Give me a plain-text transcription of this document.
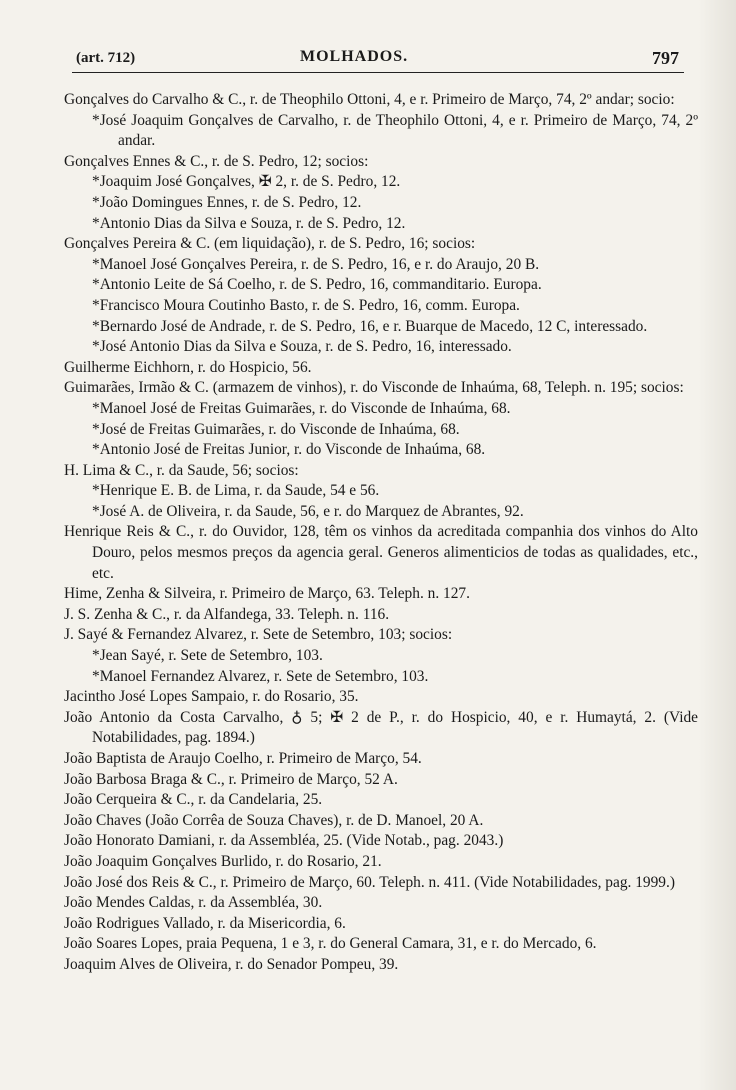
(art. 712)	MOLHADOS.	797

Gonçalves do Carvalho & C., r. de Theophilo Ottoni, 4, e r. Primeiro de Março, 74, 2º andar; socio:

*José Joaquim Gonçalves de Carvalho, r. de Theophilo Ottoni, 4, e r. Primeiro de Março, 74, 2º andar.

Gonçalves Ennes & C., r. de S. Pedro, 12; socios:

*Joaquim José Gonçalves, ✠ 2, r. de S. Pedro, 12.

*João Domingues Ennes, r. de S. Pedro, 12.

*Antonio Dias da Silva e Souza, r. de S. Pedro, 12.

Gonçalves Pereira & C. (em liquidação), r. de S. Pedro, 16; socios:

*Manoel José Gonçalves Pereira, r. de S. Pedro, 16, e r. do Araujo, 20 B.

*Antonio Leite de Sá Coelho, r. de S. Pedro, 16, commanditario. Europa.

*Francisco Moura Coutinho Basto, r. de S. Pedro, 16, comm. Europa.

*Bernardo José de Andrade, r. de S. Pedro, 16, e r. Buarque de Macedo, 12 C, interessado.

*José Antonio Dias da Silva e Souza, r. de S. Pedro, 16, interessado.

Guilherme Eichhorn, r. do Hospicio, 56.

Guimarães, Irmão & C. (armazem de vinhos), r. do Visconde de Inhaúma, 68, Teleph. n. 195; socios:

*Manoel José de Freitas Guimarães, r. do Visconde de Inhaúma, 68.

*José de Freitas Guimarães, r. do Visconde de Inhaúma, 68.

*Antonio José de Freitas Junior, r. do Visconde de Inhaúma, 68.

H. Lima & C., r. da Saude, 56; socios:

*Henrique E. B. de Lima, r. da Saude, 54 e 56.

*José A. de Oliveira, r. da Saude, 56, e r. do Marquez de Abrantes, 92.

Henrique Reis & C., r. do Ouvidor, 128, têm os vinhos da acreditada companhia dos vinhos do Alto Douro, pelos mesmos preços da agencia geral. Generos alimenticios de todas as qualidades, etc., etc.

Hime, Zenha & Silveira, r. Primeiro de Março, 63. Teleph. n. 127.

J. S. Zenha & C., r. da Alfandega, 33. Teleph. n. 116.

J. Sayé & Fernandez Alvarez, r. Sete de Setembro, 103; socios:

*Jean Sayé, r. Sete de Setembro, 103.

*Manoel Fernandez Alvarez, r. Sete de Setembro, 103.

Jacintho José Lopes Sampaio, r. do Rosario, 35.

João Antonio da Costa Carvalho, ♁ 5; ✠ 2 de P., r. do Hospicio, 40, e r. Humaytá, 2. (Vide Notabilidades, pag. 1894.)

João Baptista de Araujo Coelho, r. Primeiro de Março, 54.

João Barbosa Braga & C., r. Primeiro de Março, 52 A.

João Cerqueira & C., r. da Candelaria, 25.

João Chaves (João Corrêa de Souza Chaves), r. de D. Manoel, 20 A.

João Honorato Damiani, r. da Assembléa, 25. (Vide Notab., pag. 2043.)

João Joaquim Gonçalves Burlido, r. do Rosario, 21.

João José dos Reis & C., r. Primeiro de Março, 60. Teleph. n. 411. (Vide Notabilidades, pag. 1999.)

João Mendes Caldas, r. da Assembléa, 30.

João Rodrigues Vallado, r. da Misericordia, 6.

João Soares Lopes, praia Pequena, 1 e 3, r. do General Camara, 31, e r. do Mercado, 6.

Joaquim Alves de Oliveira, r. do Senador Pompeu, 39.
